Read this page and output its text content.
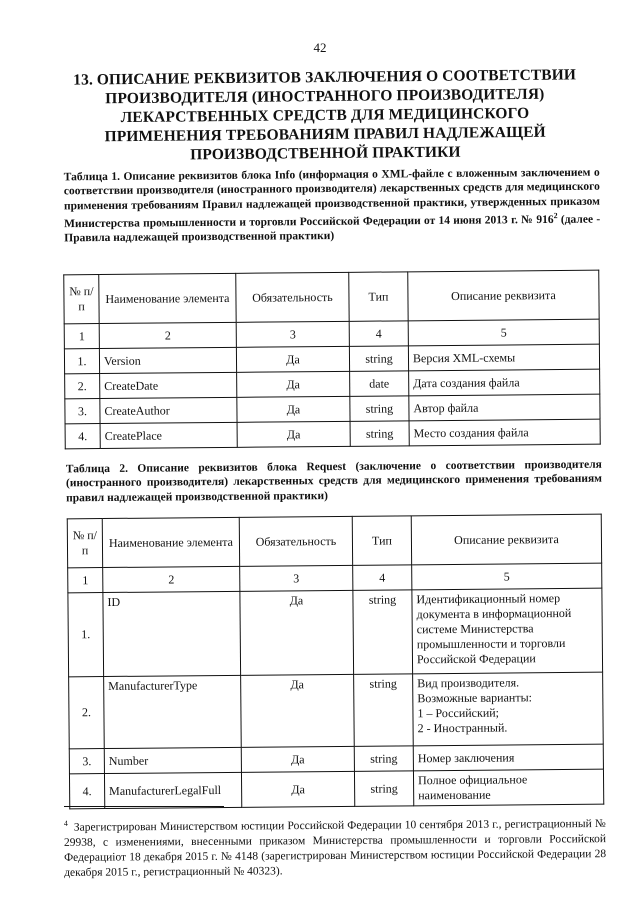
42
13. ОПИСАНИЕ РЕКВИЗИТОВ ЗАКЛЮЧЕНИЯ О СООТВЕТСТВИИ ПРОИЗВОДИТЕЛЯ (ИНОСТРАННОГО ПРОИЗВОДИТЕЛЯ) ЛЕКАРСТВЕННЫХ СРЕДСТВ ДЛЯ МЕДИЦИНСКОГО ПРИМЕНЕНИЯ ТРЕБОВАНИЯМ ПРАВИЛ НАДЛЕЖАЩЕЙ ПРОИЗВОДСТВЕННОЙ ПРАКТИКИ
Таблица 1. Описание реквизитов блока Info (информация о XML-файле с вложенным заключением о соответствии производителя (иностранного производителя) лекарственных средств для медицинского применения требованиям Правил надлежащей производственной практики, утвержденных приказом Министерства промышленности и торговли Российской Федерации от 14 июня 2013 г. № $916^2$ (далее - Правила надлежащей производственной практики)
№ п/п	Наименование элемента	Обязательность	Тип	Описание реквизита
1	2	3	4	5
1.	Version	Да	string	Версия XML-схемы
2.	CreateDate	Да	date	Дата создания файла
3.	CreateAuthor	Да	string	Автор файла
4.	CreatePlace	Да	string	Место создания файла
Таблица 2. Описание реквизитов блока Request (заключение о соответствии производителя (иностранного производителя) лекарственных средств для медицинского применения требованиям правил надлежащей производственной практики)
№ п/п	Наименование элемента	Обязательность	Тип	Описание реквизита
1	2	3	4	5
1.	ID	Да	string	Идентификационный номер документа в информационной системе Министерства промышленности и торговли Российской Федерации
2.	ManufacturerType	Да	string	Вид производителя.
Возможные варианты:
1 – Российский;
2 - Иностранный.

3.	Number	Да	string	Номер заключения
4.	ManufacturerLegalFull	Да	string	Полное официальное наименование
$^4$ Зарегистрирован Министерством юстиции Российской Федерации 10 сентября 2013 г., регистрационный № 29938, с изменениями, внесенными приказом Министерства промышленности и торговли Российской Федерациiот 18 декабря 2015 г. № 4148 (зарегистрирован Министерством юстиции Российской Федерации 28 декабря 2015 г., регистрационный № 40323).
